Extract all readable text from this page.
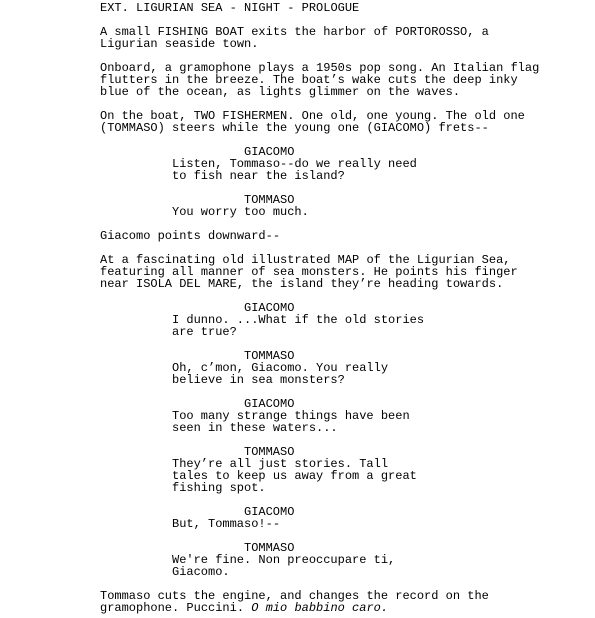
EXT. LIGURIAN SEA - NIGHT - PROLOGUE
A small FISHING BOAT exits the harbor of PORTOROSSO, a
Ligurian seaside town.
Onboard, a gramophone plays a 1950s pop song. An Italian flag
flutters in the breeze. The boat’s wake cuts the deep inky
blue of the ocean, as lights glimmer on the waves.
On the boat, TWO FISHERMEN. One old, one young. The old one
(TOMMASO) steers while the young one (GIACOMO) frets--
GIACOMO
Listen, Tommaso--do we really need
to fish near the island?
TOMMASO
You worry too much.
Giacomo points downward--
At a fascinating old illustrated MAP of the Ligurian Sea,
featuring all manner of sea monsters. He points his finger
near ISOLA DEL MARE, the island they’re heading towards.
GIACOMO
I dunno. ...What if the old stories
are true?
TOMMASO
Oh, c’mon, Giacomo. You really
believe in sea monsters?
GIACOMO
Too many strange things have been
seen in these waters...
TOMMASO
They’re all just stories. Tall
tales to keep us away from a great
fishing spot.
GIACOMO
But, Tommaso!--
TOMMASO
We're fine. Non preoccupare ti,
Giacomo.
Tommaso cuts the engine, and changes the record on the
gramophone. Puccini. O mio babbino caro.
